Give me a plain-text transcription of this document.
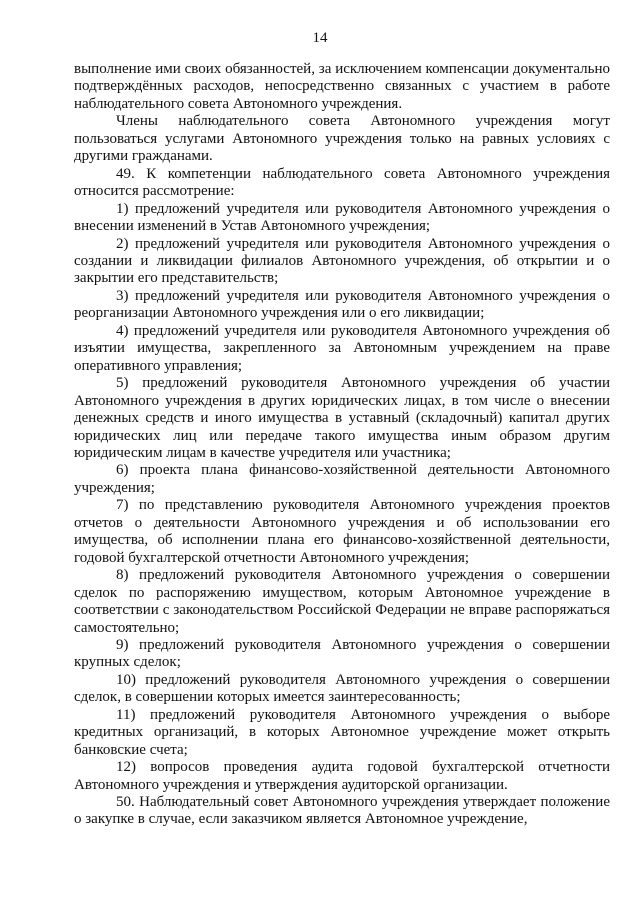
14

выполнение ими своих обязанностей, за исключением компенсации документально подтверждённых расходов, непосредственно связанных с участием в работе наблюдательного совета Автономного учреждения.

Члены наблюдательного совета Автономного учреждения могут пользоваться услугами Автономного учреждения только на равных условиях с другими гражданами.

49. К компетенции наблюдательного совета Автономного учреждения относится рассмотрение:

1) предложений учредителя или руководителя Автономного учреждения о внесении изменений в Устав Автономного учреждения;

2) предложений учредителя или руководителя Автономного учреждения о создании и ликвидации филиалов Автономного учреждения, об открытии и о закрытии его представительств;

3) предложений учредителя или руководителя Автономного учреждения о реорганизации Автономного учреждения или о его ликвидации;

4) предложений учредителя или руководителя Автономного учреждения об изъятии имущества, закрепленного за Автономным учреждением на праве оперативного управления;

5) предложений руководителя Автономного учреждения об участии Автономного учреждения в других юридических лицах, в том числе о внесении денежных средств и иного имущества в уставный (складочный) капитал других юридических лиц или передаче такого имущества иным образом другим юридическим лицам в качестве учредителя или участника;

6) проекта плана финансово-хозяйственной деятельности Автономного учреждения;

7) по представлению руководителя Автономного учреждения проектов отчетов о деятельности Автономного учреждения и об использовании его имущества, об исполнении плана его финансово-хозяйственной деятельности, годовой бухгалтерской отчетности Автономного учреждения;

8) предложений руководителя Автономного учреждения о совершении сделок по распоряжению имуществом, которым Автономное учреждение в соответствии с законодательством Российской Федерации не вправе распоряжаться самостоятельно;

9) предложений руководителя Автономного учреждения о совершении крупных сделок;

10) предложений руководителя Автономного учреждения о совершении сделок, в совершении которых имеется заинтересованность;

11) предложений руководителя Автономного учреждения о выборе кредитных организаций, в которых Автономное учреждение может открыть банковские счета;

12) вопросов проведения аудита годовой бухгалтерской отчетности Автономного учреждения и утверждения аудиторской организации.

50. Наблюдательный совет Автономного учреждения утверждает положение о закупке в случае, если заказчиком является Автономное учреждение,
